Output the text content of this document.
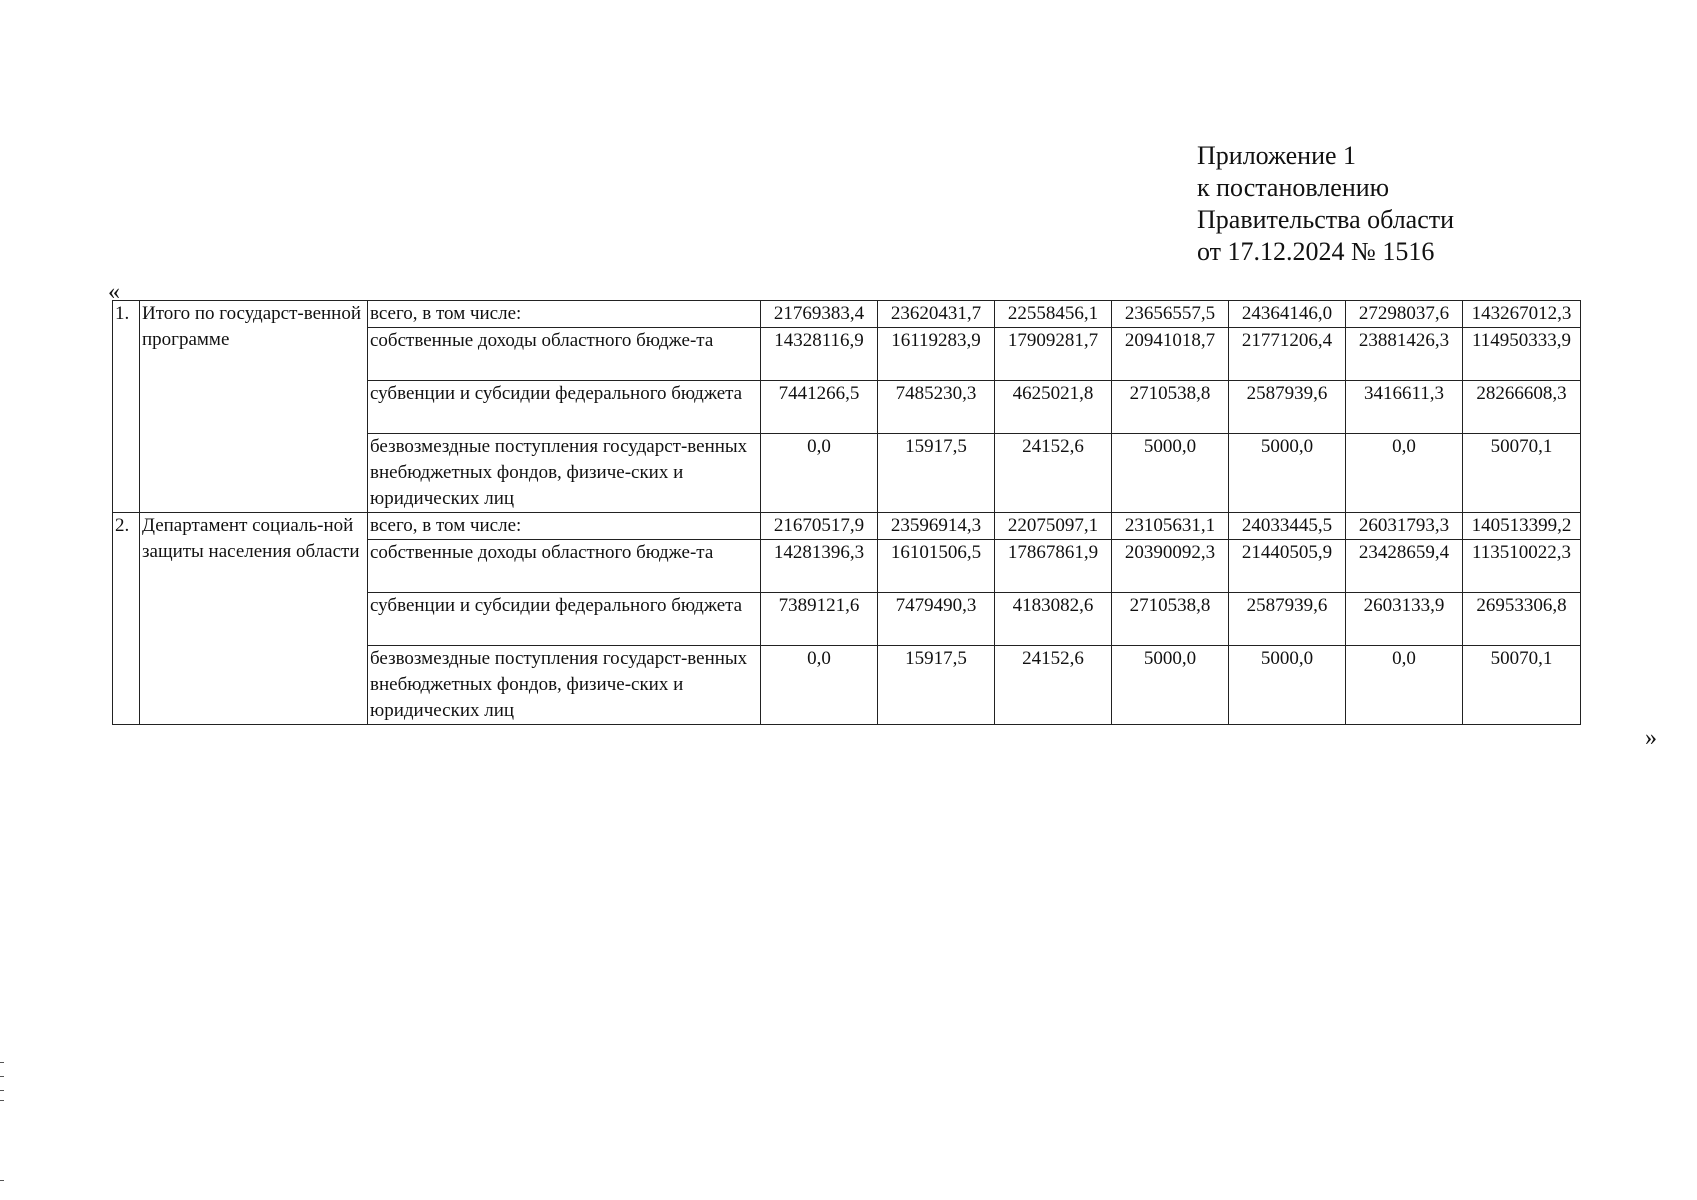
Приложение 1
к постановлению
Правительства области
от 17.12.2024 № 1516
«
1.	Итого по государст-венной программе	всего, в том числе:	21769383,4	23620431,7	22558456,1	23656557,5	24364146,0	27298037,6	143267012,3
		собственные доходы областного бюдже-та	14328116,9	16119283,9	17909281,7	20941018,7	21771206,4	23881426,3	114950333,9
		субвенции и субсидии федерального бюджета	7441266,5	7485230,3	4625021,8	2710538,8	2587939,6	3416611,3	28266608,3
		безвозмездные поступления государст-венных внебюджетных фондов, физиче-ских и юридических лиц	0,0	15917,5	24152,6	5000,0	5000,0	0,0	50070,1
2.	Департамент социаль-ной защиты населения области	всего, в том числе:	21670517,9	23596914,3	22075097,1	23105631,1	24033445,5	26031793,3	140513399,2
		собственные доходы областного бюдже-та	14281396,3	16101506,5	17867861,9	20390092,3	21440505,9	23428659,4	113510022,3
		субвенции и субсидии федерального бюджета	7389121,6	7479490,3	4183082,6	2710538,8	2587939,6	2603133,9	26953306,8
		безвозмездные поступления государст-венных внебюджетных фондов, физиче-ских и юридических лиц	0,0	15917,5	24152,6	5000,0	5000,0	0,0	50070,1
»
